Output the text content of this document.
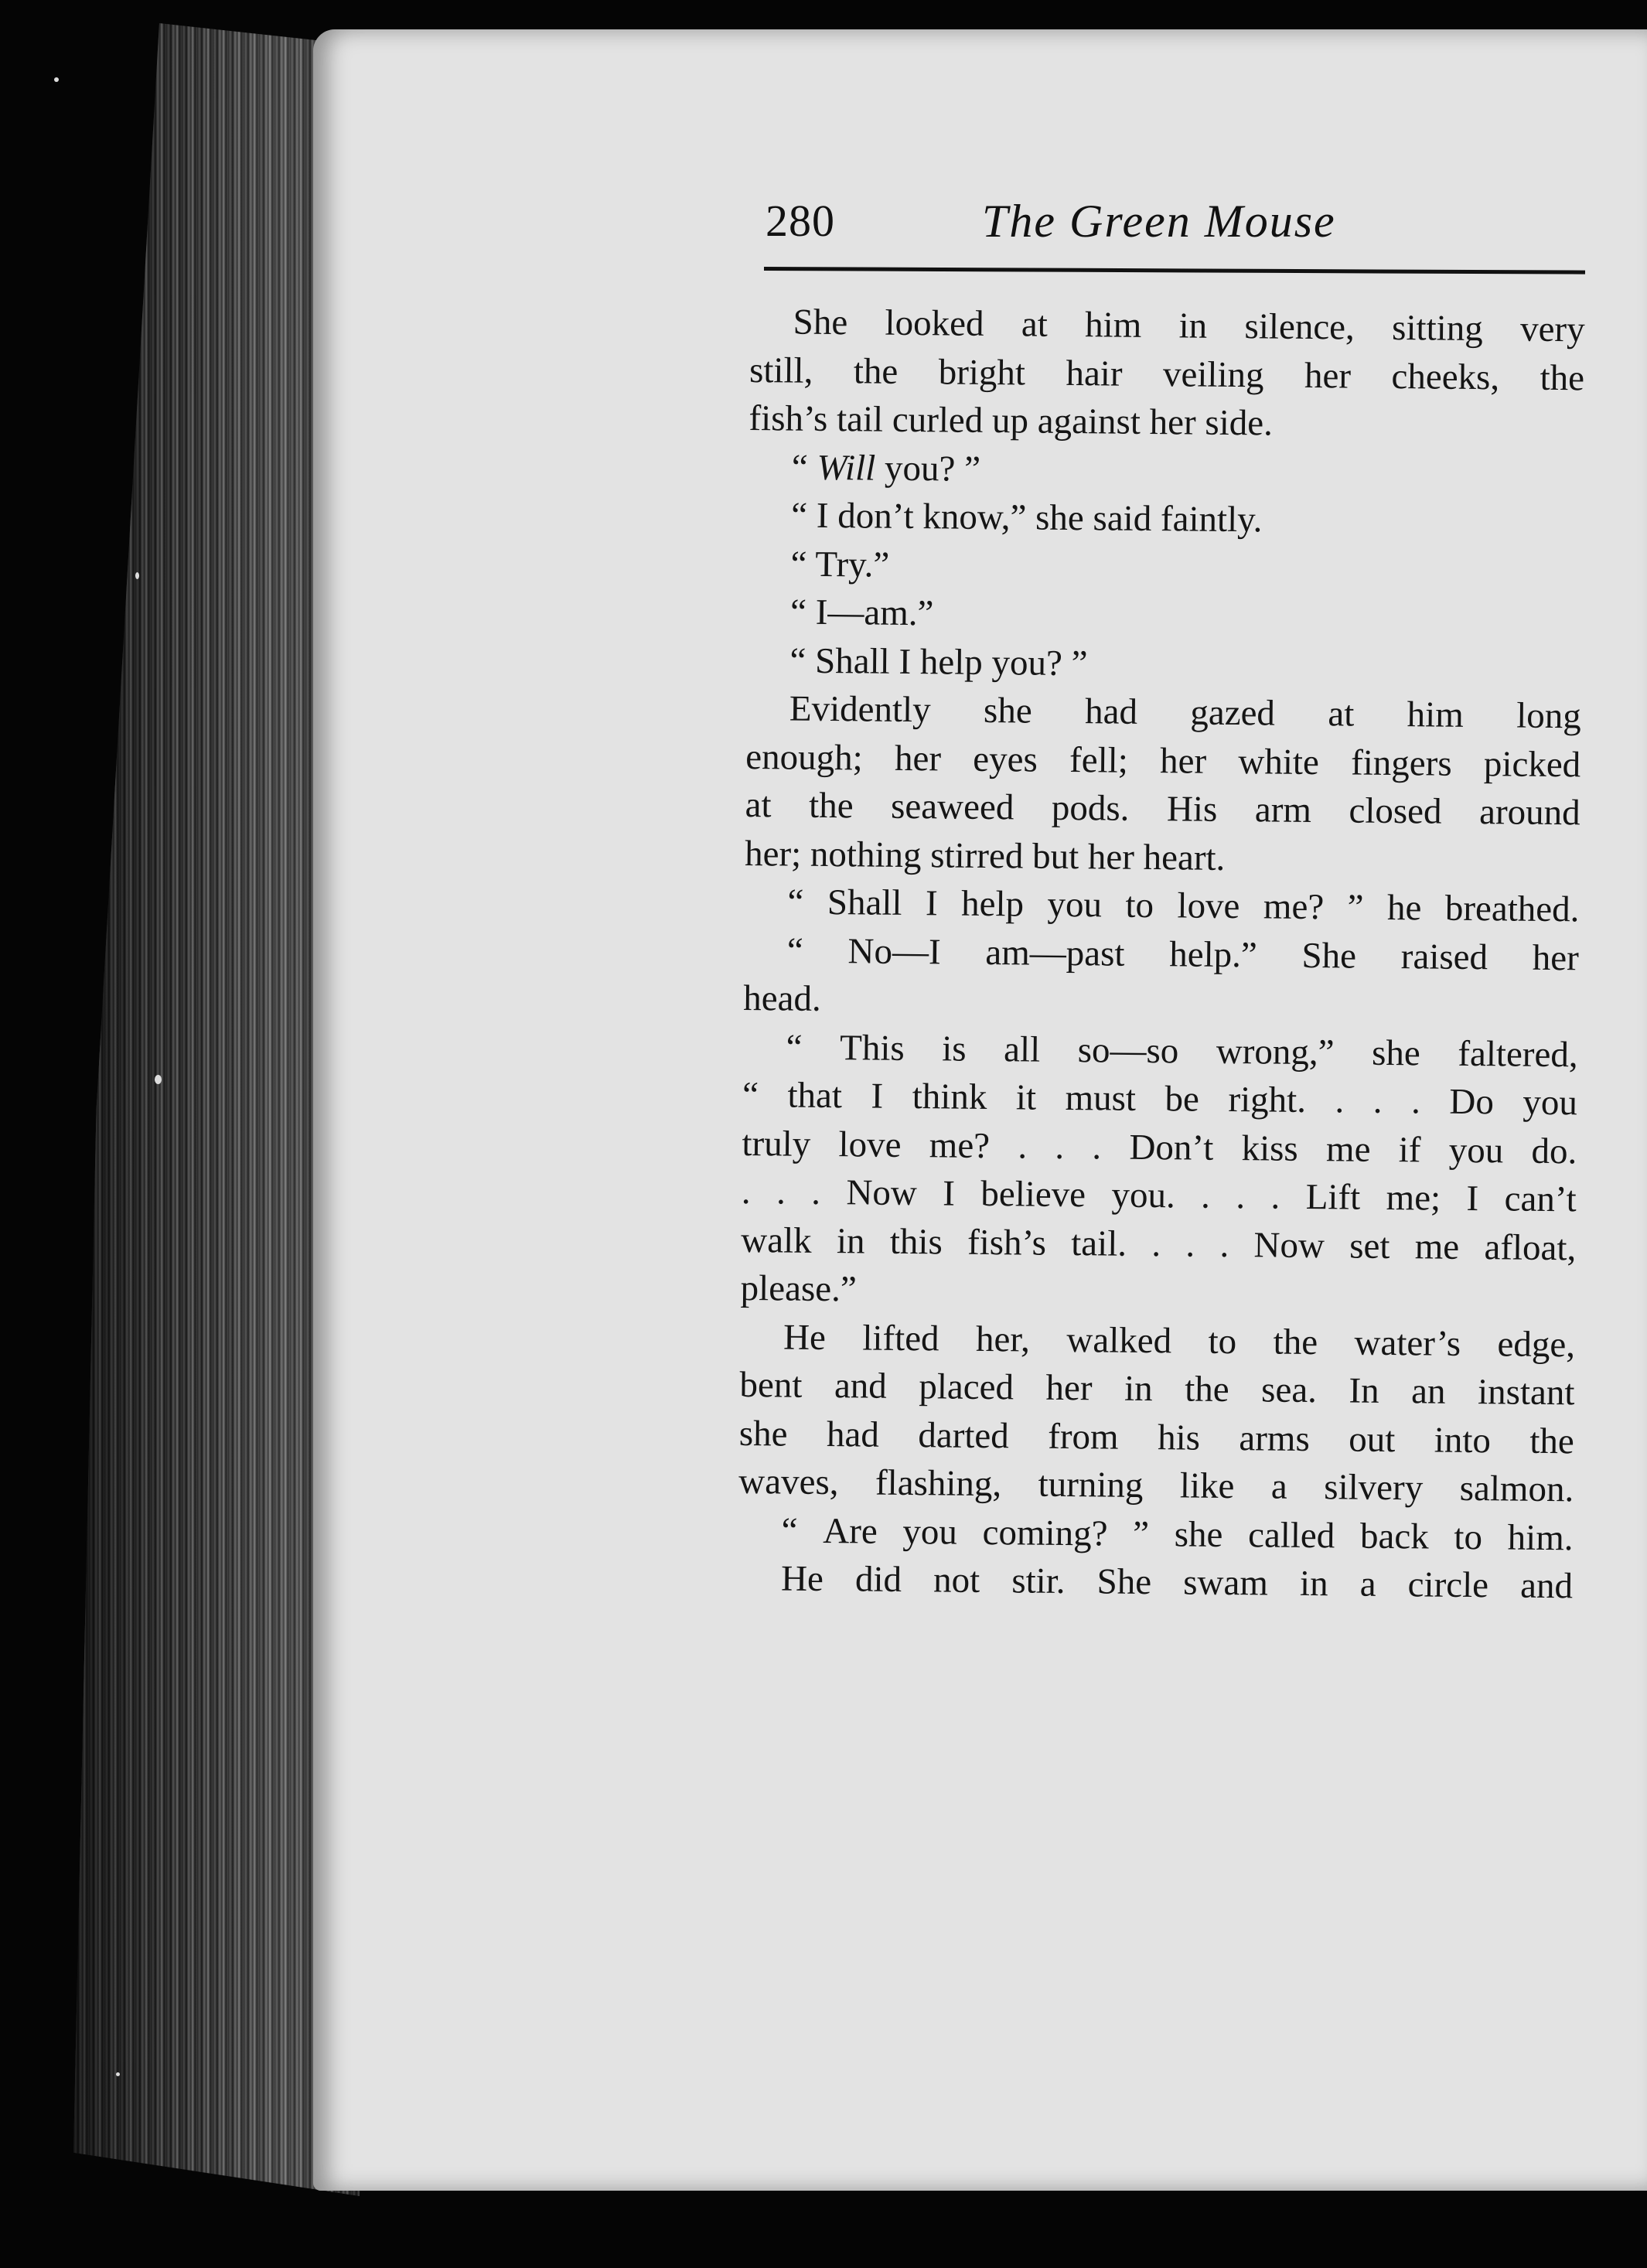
280	The Green Mouse
She looked at him in silence, sitting very
still, the bright hair veiling her cheeks, the
fish’s tail curled up against her side.
“ Will you? ”
“ I don’t know,” she said faintly.
“ Try.”
“ I—am.”
“ Shall I help you? ”
Evidently she had gazed at him long
enough; her eyes fell; her white fingers picked
at the seaweed pods. His arm closed around
her; nothing stirred but her heart.
“ Shall I help you to love me? ” he breathed.
“ No—I am—past help.” She raised her
head.
“ This is all so—so wrong,” she faltered,
“ that I think it must be right. . . . Do you
truly love me? . . . Don’t kiss me if you do.
. . . Now I believe you. . . . Lift me; I can’t
walk in this fish’s tail. . . . Now set me afloat,
please.”
He lifted her, walked to the water’s edge,
bent and placed her in the sea. In an instant
she had darted from his arms out into the
waves, flashing, turning like a silvery salmon.
“ Are you coming? ” she called back to him.
He did not stir. She swam in a circle and
